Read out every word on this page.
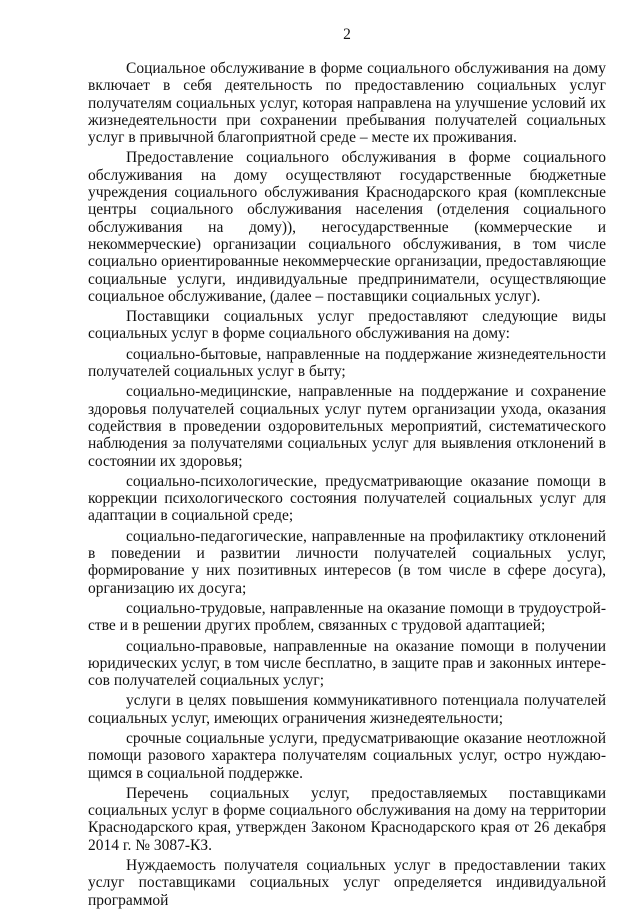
2

Социальное обслуживание в форме социального обслуживания на дому включает в себя деятельность по предоставлению социальных услуг получателям социальных услуг, которая направлена на улучшение условий их жизнедеятельности при сохранении пребывания получателей социальных услуг в привычной благоприятной среде – месте их проживания.

Предоставление социального обслуживания в форме социального обслуживания на дому осуществляют государственные бюджетные учреждения социального обслуживания Краснодарского края (комплексные центры социального обслуживания населения (отделения социального обслуживания на дому)), негосударственные (коммерческие и некоммерческие) организации социального обслуживания, в том числе социально ориентированные некоммерческие организации, предоставляющие социальные услуги, индивидуальные предприниматели, осуществляющие социальное обслуживание, (далее – поставщики социальных услуг).

Поставщики социальных услуг предоставляют следующие виды социальных услуг в форме социального обслуживания на дому:

социально-бытовые, направленные на поддержание жизнедеятельности получателей социальных услуг в быту;

социально-медицинские, направленные на поддержание и сохранение здоровья получателей социальных услуг путем организации ухода, оказания содействия в проведении оздоровительных мероприятий, систематического наблюдения за получателями социальных услуг для выявления отклонений в состоянии их здоровья;

социально-психологические, предусматривающие оказание помощи в коррекции психологического состояния получателей социальных услуг для адаптации в социальной среде;

социально-педагогические, направленные на профилактику отклонений в поведении и развитии личности получателей социальных услуг, формирование у них позитивных интересов (в том числе в сфере досуга), организацию их досуга;

социально-трудовые, направленные на оказание помощи в трудоустройстве и в решении других проблем, связанных с трудовой адаптацией;

социально-правовые, направленные на оказание помощи в получении юридических услуг, в том числе бесплатно, в защите прав и законных интересов получателей социальных услуг;

услуги в целях повышения коммуникативного потенциала получателей социальных услуг, имеющих ограничения жизнедеятельности;

срочные социальные услуги, предусматривающие оказание неотложной помощи разового характера получателям социальных услуг, остро нуждающимся в социальной поддержке.

Перечень социальных услуг, предоставляемых поставщиками социальных услуг в форме социального обслуживания на дому на территории Краснодарского края, утвержден Законом Краснодарского края от 26 декабря 2014 г. № 3087-КЗ.

Нуждаемость получателя социальных услуг в предоставлении таких услуг поставщиками социальных услуг определяется индивидуальной программой
